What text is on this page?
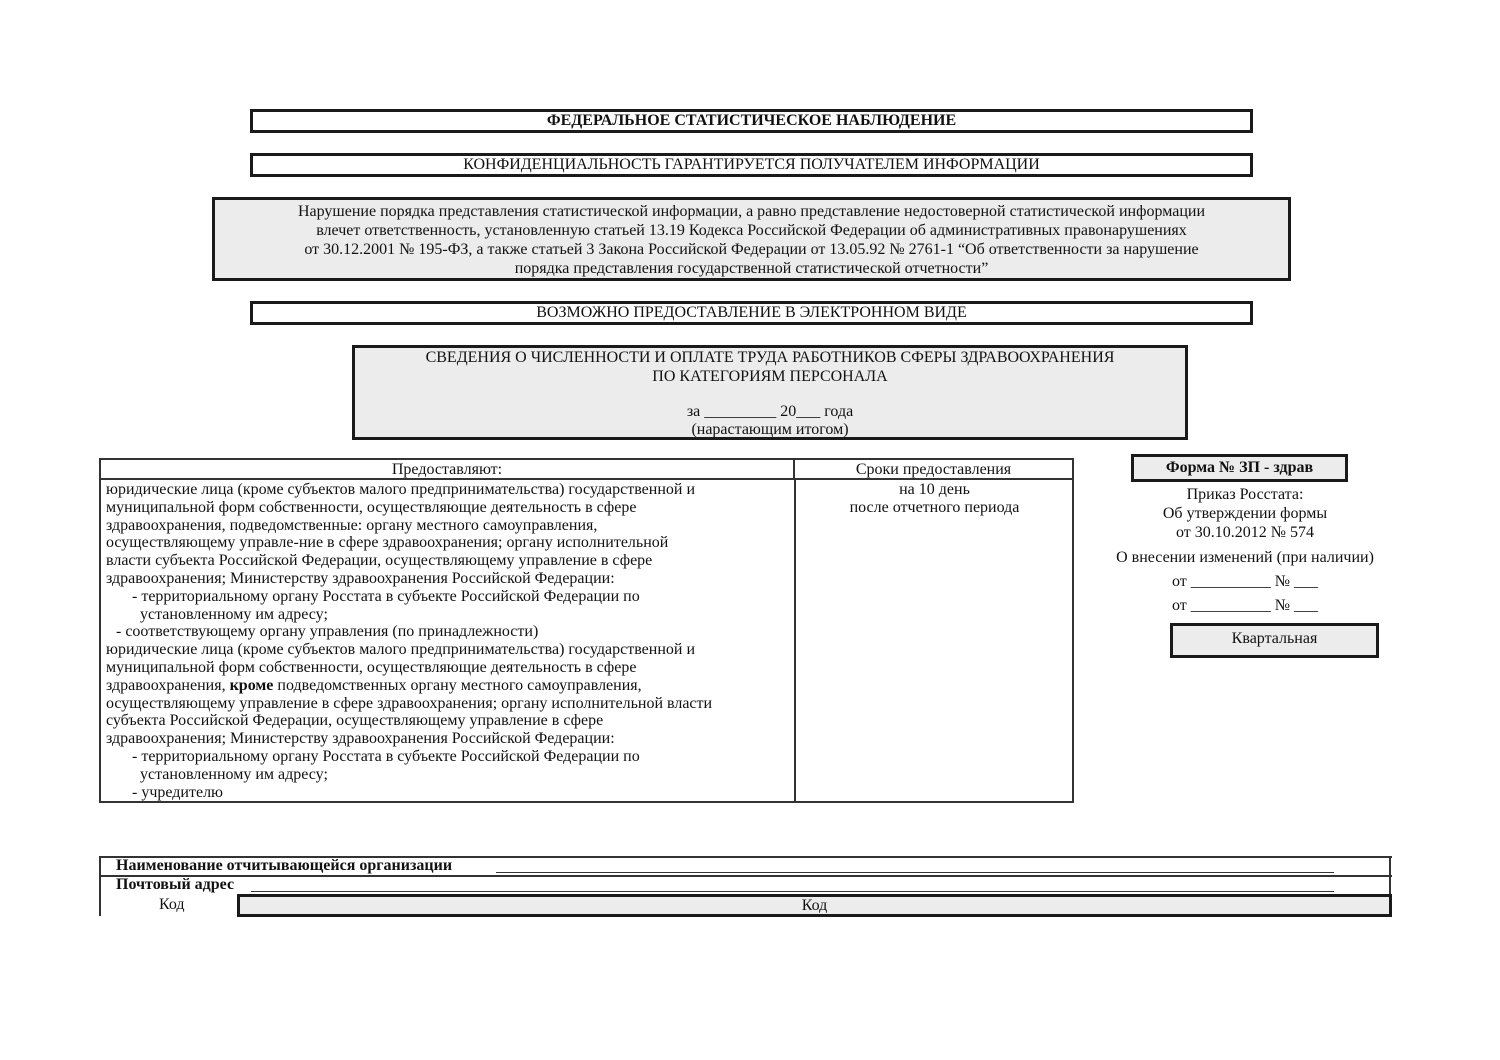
ФЕДЕРАЛЬНОЕ СТАТИСТИЧЕСКОЕ НАБЛЮДЕНИЕ
КОНФИДЕНЦИАЛЬНОСТЬ ГАРАНТИРУЕТСЯ ПОЛУЧАТЕЛЕМ ИНФОРМАЦИИ
Нарушение порядка представления статистической информации, а равно представление недостоверной статистической информации
влечет ответственность, установленную статьей 13.19 Кодекса Российской Федерации об административных правонарушениях
от 30.12.2001 № 195-ФЗ, а также статьей 3 Закона Российской Федерации от 13.05.92 № 2761-1 “Об ответственности за нарушение
порядка представления государственной статистической отчетности”
ВОЗМОЖНО ПРЕДОСТАВЛЕНИЕ В ЭЛЕКТРОННОМ ВИДЕ
СВЕДЕНИЯ О ЧИСЛЕННОСТИ И ОПЛАТЕ ТРУДА РАБОТНИКОВ СФЕРЫ ЗДРАВООХРАНЕНИЯ
ПО КАТЕГОРИЯМ ПЕРСОНАЛА
за _________ 20___ года
(нарастающим итогом)
Предоставляют:	Сроки предоставления
юридические лица (кроме субъектов малого предпринимательства) государственной и
муниципальной форм собственности, осуществляющие деятельность в сфере
здравоохранения, подведомственные: органу местного самоуправления,
осуществляющему управле-ние в сфере здравоохранения; органу исполнительной
власти субъекта Российской Федерации, осуществляющему управление в сфере
здравоохранения; Министерству здравоохранения Российской Федерации:
- территориальному органу Росстата в субъекте Российской Федерации по
установленному им адресу;
- соответствующему органу управления (по принадлежности)
юридические лица (кроме субъектов малого предпринимательства) государственной и
муниципальной форм собственности, осуществляющие деятельность в сфере
здравоохранения, кроме подведомственных органу местного самоуправления,
осуществляющему управление в сфере здравоохранения; органу исполнительной власти
субъекта Российской Федерации, осуществляющему управление в сфере
здравоохранения; Министерству здравоохранения Российской Федерации:
- территориальному органу Росстата в субъекте Российской Федерации по
установленному им адресу;
- учредителю
на 10 день
после отчетного периода
Форма № ЗП - здрав
Приказ Росстата:
Об утверждении формы
от 30.10.2012 № 574
О внесении изменений (при наличии)
от __________ № ___
от __________ № ___
Квартальная
Наименование отчитывающейся организации
Почтовый адрес
Код	Код
